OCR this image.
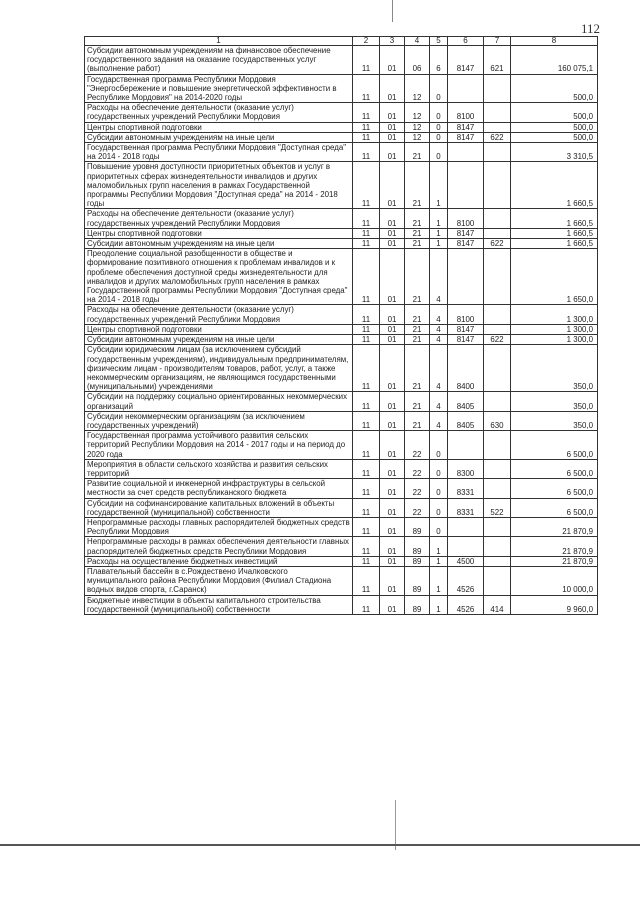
112
1	2	3	4	5	6	7	8
Субсидии автономным учреждениям на финансовое обеспечение государственного задания на оказание государственных услуг (выполнение работ)	11	01	06	6	8147	621	160 075,1
Государственная программа Республики Мордовия "Энергосбережение и повышение энергетической эффективности в Республике Мордовия" на 2014-2020 годы	11	01	12	0			500,0
Расходы на обеспечение деятельности (оказание услуг) государственных учреждений Республики Мордовия	11	01	12	0	8100		500,0
Центры спортивной подготовки	11	01	12	0	8147		500,0
Субсидии автономным учреждениям на иные цели	11	01	12	0	8147	622	500,0
Государственная программа Республики Мордовия "Доступная среда" на 2014 - 2018 годы	11	01	21	0			3 310,5
Повышение уровня доступности приоритетных объектов и услуг в приоритетных сферах жизнедеятельности инвалидов и других маломобильных групп населения в рамках Государственной программы Республики Мордовия "Доступная среда" на 2014 - 2018 годы	11	01	21	1			1 660,5
Расходы на обеспечение деятельности (оказание услуг) государственных учреждений Республики Мордовия	11	01	21	1	8100		1 660,5
Центры спортивной подготовки	11	01	21	1	8147		1 660,5
Субсидии автономным учреждениям на иные цели	11	01	21	1	8147	622	1 660,5
Преодоление социальной разобщенности в обществе и формирование позитивного отношения к проблемам инвалидов и к проблеме обеспечения доступной среды жизнедеятельности для инвалидов и других маломобильных групп населения в рамках Государственной программы Республики Мордовия "Доступная среда" на 2014 - 2018 годы	11	01	21	4			1 650,0
Расходы на обеспечение деятельности (оказание услуг) государственных учреждений Республики Мордовия	11	01	21	4	8100		1 300,0
Центры спортивной подготовки	11	01	21	4	8147		1 300,0
Субсидии автономным учреждениям на иные цели	11	01	21	4	8147	622	1 300,0
Субсидии юридическим лицам (за исключением субсидий государственным учреждениям), индивидуальным предпринимателям, физическим лицам - производителям товаров, работ, услуг, а также некоммерческим организациям, не являющимся государственными (муниципальными) учреждениями	11	01	21	4	8400		350,0
Субсидии на поддержку социально ориентированных некоммерческих организаций	11	01	21	4	8405		350,0
Субсидии некоммерческим организациям (за исключением государственных учреждений)	11	01	21	4	8405	630	350,0
Государственная программа устойчивого развития сельских территорий Республики Мордовия на 2014 - 2017 годы и на период до 2020 года	11	01	22	0			6 500,0
Мероприятия в области сельского хозяйства и развития сельских территорий	11	01	22	0	8300		6 500,0
Развитие социальной и инженерной инфраструктуры в сельской местности за счет средств республиканского бюджета	11	01	22	0	8331		6 500,0
Субсидии на софинансирование капитальных вложений в объекты государственной (муниципальной) собственности	11	01	22	0	8331	522	6 500,0
Непрограммные расходы главных распорядителей бюджетных средств Республики Мордовия	11	01	89	0			21 870,9
Непрограммные расходы в рамках обеспечения деятельности главных распорядителей бюджетных средств Республики Мордовия	11	01	89	1			21 870,9
Расходы на осуществление бюджетных инвестиций	11	01	89	1	4500		21 870,9
Плавательный бассейн в с.Рождествено Ичалковского муниципального района Республики Мордовия (Филиал Стадиона водных видов спорта, г.Саранск)	11	01	89	1	4526		10 000,0
Бюджетные инвестиции в объекты капитального строительства государственной (муниципальной) собственности	11	01	89	1	4526	414	9 960,0
